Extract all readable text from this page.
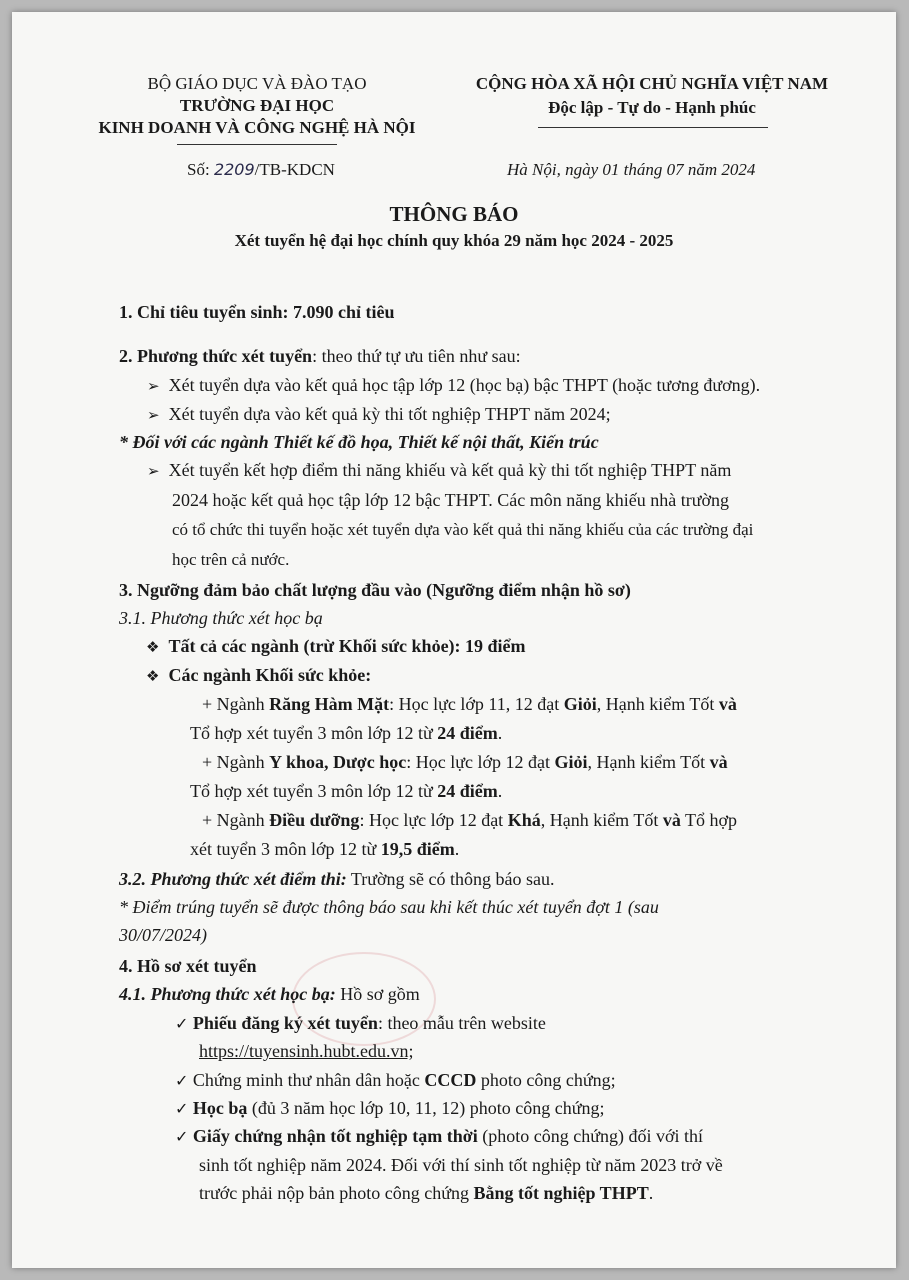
BỘ GIÁO DỤC VÀ ĐÀO TẠO
TRƯỜNG ĐẠI HỌC
KINH DOANH VÀ CÔNG NGHỆ HÀ NỘI
CỘNG HÒA XÃ HỘI CHỦ NGHĨA VIỆT NAM
Độc lập - Tự do - Hạnh phúc
Số: 2209/TB-KDCN	Hà Nội, ngày 01 tháng 07 năm 2024
THÔNG BÁO
Xét tuyển hệ đại học chính quy khóa 29 năm học 2024 - 2025
1. Chỉ tiêu tuyển sinh: 7.090 chỉ tiêu
2. Phương thức xét tuyển: theo thứ tự ưu tiên như sau:
➢ Xét tuyển dựa vào kết quả học tập lớp 12 (học bạ) bậc THPT (hoặc tương đương).
➢ Xét tuyển dựa vào kết quả kỳ thi tốt nghiệp THPT năm 2024;
* Đối với các ngành Thiết kế đồ họa, Thiết kế nội thất, Kiến trúc
➢ Xét tuyển kết hợp điểm thi năng khiếu và kết quả kỳ thi tốt nghiệp THPT năm
2024 hoặc kết quả học tập lớp 12 bậc THPT. Các môn năng khiếu nhà trường
có tổ chức thi tuyển hoặc xét tuyển dựa vào kết quả thi năng khiếu của các trường đại
học trên cả nước.
3. Ngưỡng đảm bảo chất lượng đầu vào (Ngưỡng điểm nhận hồ sơ)
3.1. Phương thức xét học bạ
❖ Tất cả các ngành (trừ Khối sức khỏe): 19 điểm
❖ Các ngành Khối sức khỏe:
+ Ngành Răng Hàm Mặt: Học lực lớp 11, 12 đạt Giỏi, Hạnh kiểm Tốt và
Tổ hợp xét tuyển 3 môn lớp 12 từ 24 điểm.
+ Ngành Y khoa, Dược học: Học lực lớp 12 đạt Giỏi, Hạnh kiểm Tốt và
Tổ hợp xét tuyển 3 môn lớp 12 từ 24 điểm.
+ Ngành Điều dưỡng: Học lực lớp 12 đạt Khá, Hạnh kiểm Tốt và Tổ hợp
xét tuyển 3 môn lớp 12 từ 19,5 điểm.
3.2. Phương thức xét điểm thi: Trường sẽ có thông báo sau.
* Điểm trúng tuyển sẽ được thông báo sau khi kết thúc xét tuyển đợt 1 (sau
30/07/2024)
4. Hồ sơ xét tuyển
4.1. Phương thức xét học bạ: Hồ sơ gồm
✓ Phiếu đăng ký xét tuyển: theo mẫu trên website
https://tuyensinh.hubt.edu.vn;
✓ Chứng minh thư nhân dân hoặc CCCD photo công chứng;
✓ Học bạ (đủ 3 năm học lớp 10, 11, 12) photo công chứng;
✓ Giấy chứng nhận tốt nghiệp tạm thời (photo công chứng) đối với thí
sinh tốt nghiệp năm 2024. Đối với thí sinh tốt nghiệp từ năm 2023 trở về
trước phải nộp bản photo công chứng Bằng tốt nghiệp THPT.
